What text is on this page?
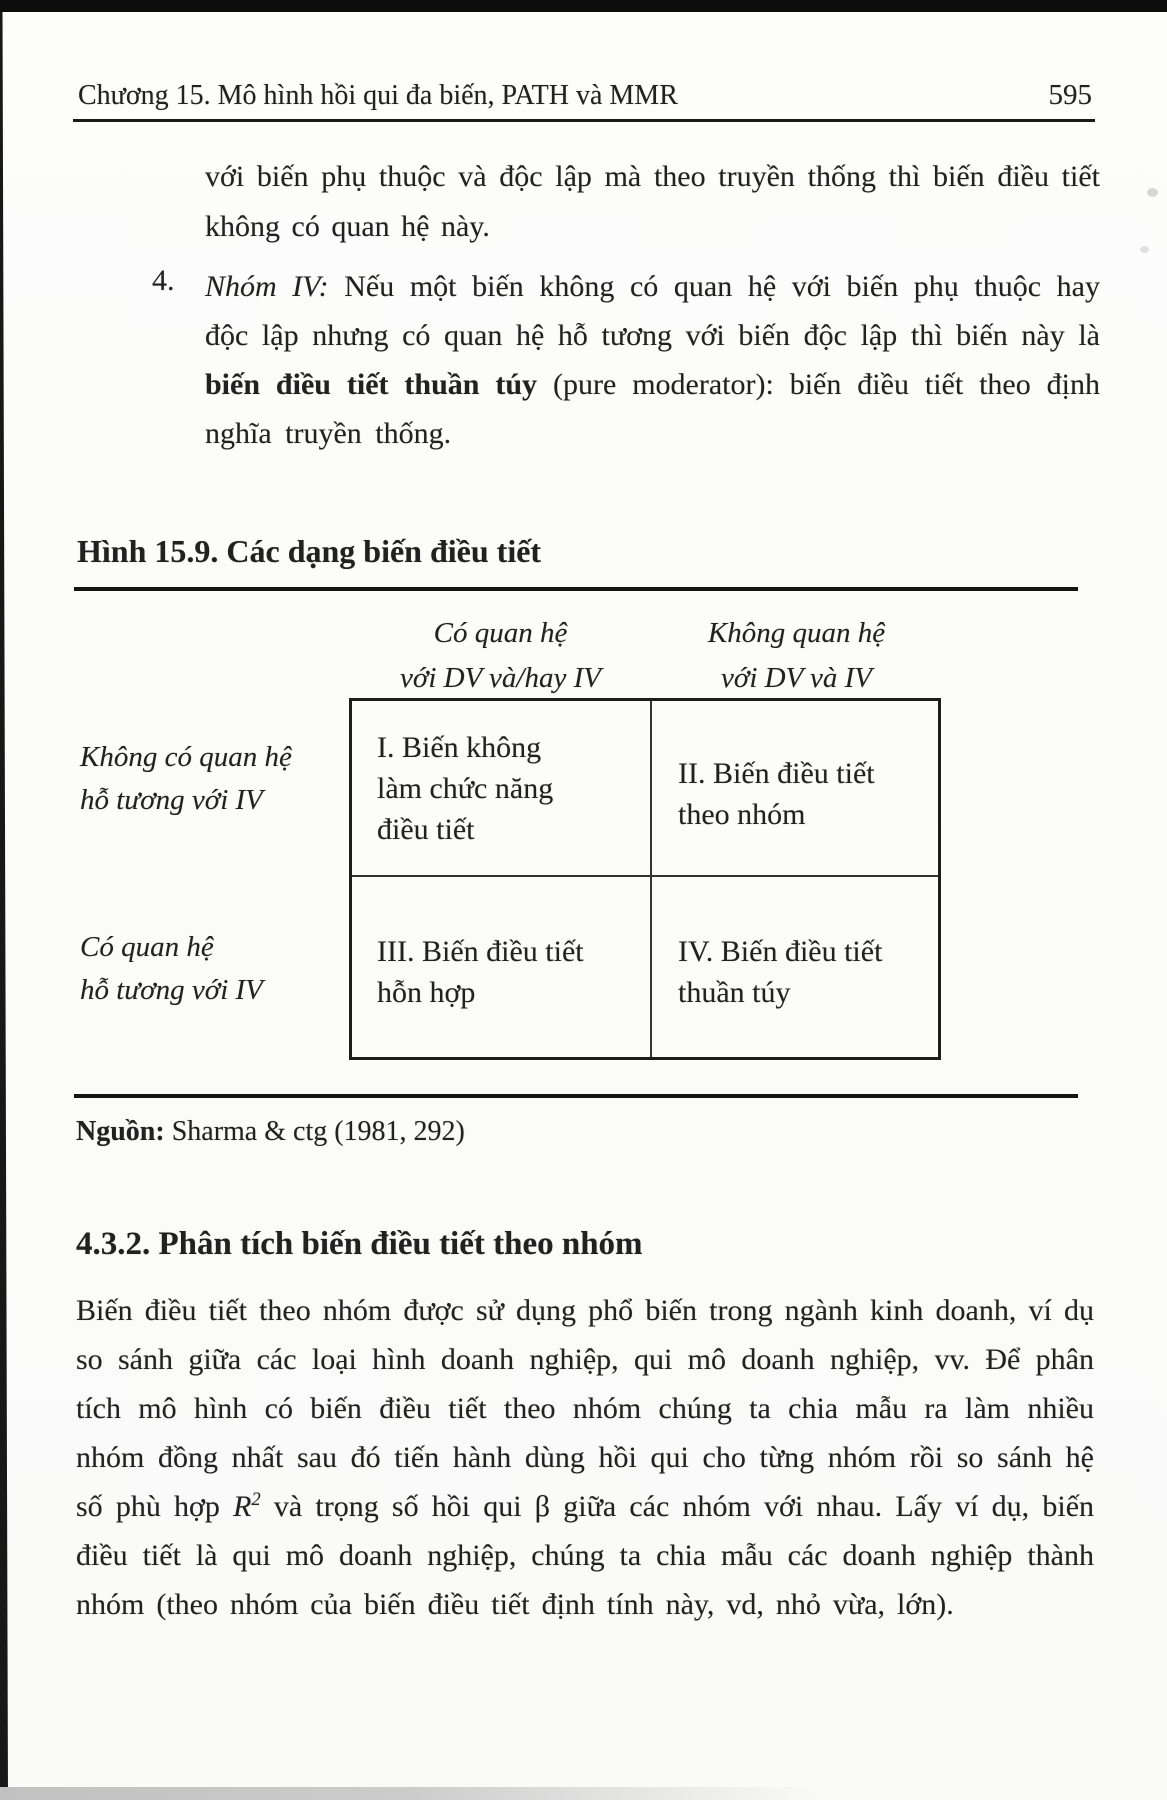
Chương 15. Mô hình hồi qui đa biến, PATH và MMR	595

với biến phụ thuộc và độc lập mà theo truyền thống thì biến điều tiết không có quan hệ này.

4. Nhóm IV: Nếu một biến không có quan hệ với biến phụ thuộc hay độc lập nhưng có quan hệ hỗ tương với biến độc lập thì biến này là biến điều tiết thuần túy (pure moderator): biến điều tiết theo định nghĩa truyền thống.

Hình 15.9. Các dạng biến điều tiết
Có quan hệ
với DV và/hay IV
Không quan hệ
với DV và IV
Không có quan hệ
hỗ tương với IV
Có quan hệ
hỗ tương với IV
I. Biến không
làm chức năng
điều tiết
II. Biến điều tiết
theo nhóm
III. Biến điều tiết
hỗn hợp
IV. Biến điều tiết
thuần túy

Nguồn: Sharma & ctg (1981, 292)

4.3.2. Phân tích biến điều tiết theo nhóm

Biến điều tiết theo nhóm được sử dụng phổ biến trong ngành kinh doanh, ví dụ so sánh giữa các loại hình doanh nghiệp, qui mô doanh nghiệp, vv. Để phân tích mô hình có biến điều tiết theo nhóm chúng ta chia mẫu ra làm nhiều nhóm đồng nhất sau đó tiến hành dùng hồi qui cho từng nhóm rồi so sánh hệ số phù hợp $R^2$ và trọng số hồi qui β giữa các nhóm với nhau. Lấy ví dụ, biến điều tiết là qui mô doanh nghiệp, chúng ta chia mẫu các doanh nghiệp thành nhóm (theo nhóm của biến điều tiết định tính này, vd, nhỏ vừa, lớn).
